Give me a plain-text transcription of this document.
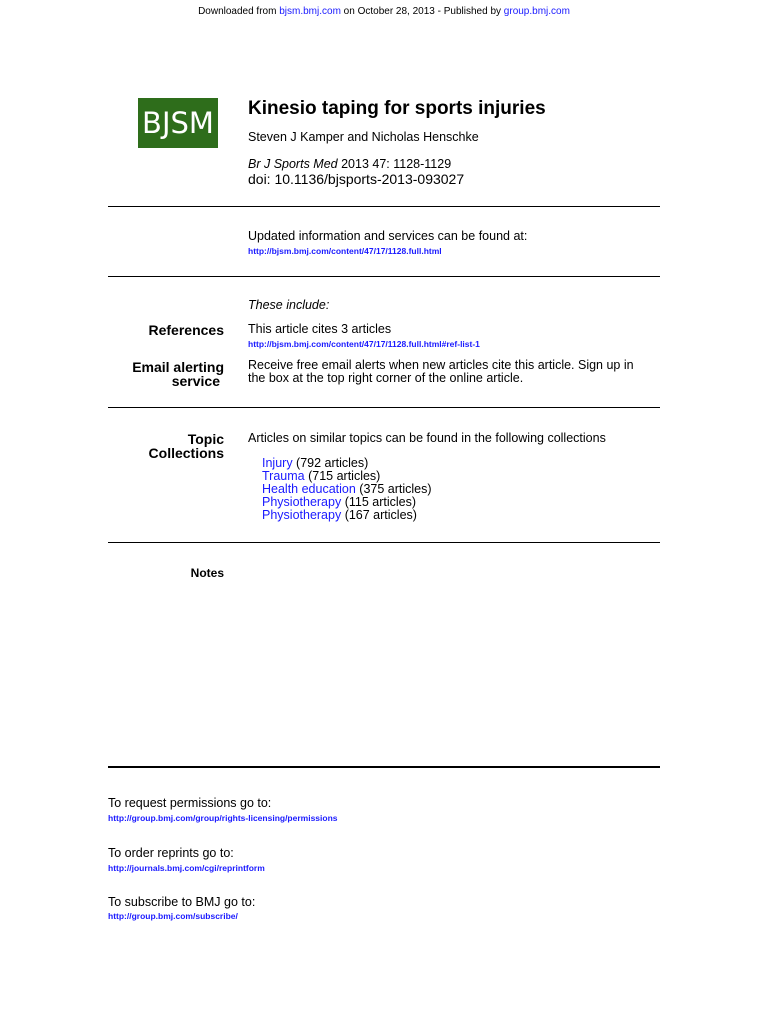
Downloaded from bjsm.bmj.com on October 28, 2013 - Published by group.bmj.com
BJSM Kinesio taping for sports injuries
Steven J Kamper and Nicholas Henschke
Br J Sports Med 2013 47: 1128-1129
doi: 10.1136/bjsports-2013-093027
Updated information and services can be found at:
http://bjsm.bmj.com/content/47/17/1128.full.html
These include:
References This article cites 3 articles
http://bjsm.bmj.com/content/47/17/1128.full.html#ref-list-1
Email alerting
service
Receive free email alerts when new articles cite this article. Sign up in
the box at the top right corner of the online article.
Topic
Collections
Articles on similar topics can be found in the following collections
Injury (792 articles)
Trauma (715 articles)
Health education (375 articles)
Physiotherapy (115 articles)
Physiotherapy (167 articles)
Notes
To request permissions go to:
http://group.bmj.com/group/rights-licensing/permissions
To order reprints go to:
http://journals.bmj.com/cgi/reprintform
To subscribe to BMJ go to:
http://group.bmj.com/subscribe/
